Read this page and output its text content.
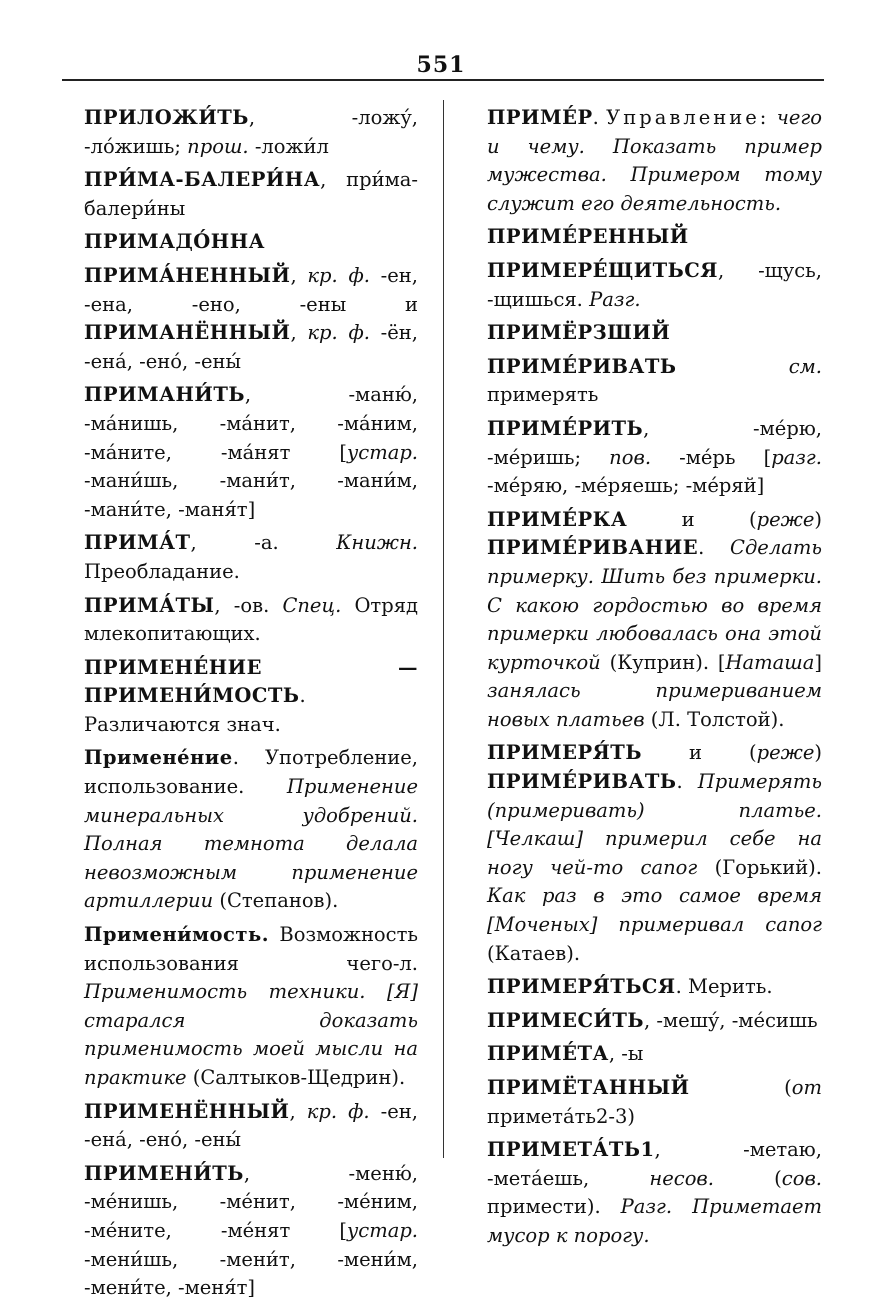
551

ПРИЛОЖИ́ТЬ, -ложу́, -ло́жишь; прош. -ложи́л

ПРИ́МА-БАЛЕРИ́НА, при́ма-балери́ны

ПРИМАДО́ННА

ПРИМА́НЕННЫЙ, кр. ф. -ен, -ена, -ено, -ены и ПРИМАНЁННЫЙ, кр. ф. -ён, -ена́, -ено́, -ены́

ПРИМАНИ́ТЬ, -маню́, -ма́нишь, -ма́нит, -ма́ним, -ма́ните, -ма́нят [устар. -мани́шь, -мани́т, -мани́м, -мани́те, -маня́т]

ПРИМА́Т, -а. Книжн. Преобладание.

ПРИМА́ТЫ, -ов. Спец. Отряд млекопитающих.

ПРИМЕНЕ́НИЕ — ПРИМЕНИ́МОСТЬ. Различаются знач.

Примене́ние. Употребление, использование. Применение минеральных удобрений. Полная темнота делала невозможным применение артиллерии (Степанов).

Примени́мость. Возможность использования чего-л. Применимость техники. [Я] старался доказать применимость моей мысли на практике (Салтыков-Щедрин).

ПРИМЕНЁННЫЙ, кр. ф. -ен, -ена́, -ено́, -ены́

ПРИМЕНИ́ТЬ, -меню́, -ме́нишь, -ме́нит, -ме́ним, -ме́ните, -ме́нят [устар. -мени́шь, -мени́т, -мени́м, -мени́те, -меня́т]

ПРИМЕ́Р. Управление: чего и чему. Показать пример мужества. Примером тому служит его деятельность.

ПРИМЕ́РЕННЫЙ

ПРИМЕРЕ́ЩИТЬСЯ, -щусь, -щишься. Разг.

ПРИМЁРЗШИЙ

ПРИМЕ́РИВАТЬ	см. примерять

ПРИМЕ́РИТЬ, -ме́рю, -ме́ришь; пов. -ме́рь [разг. -ме́ряю, -ме́ряешь; -ме́ряй]

ПРИМЕ́РКА и (реже) ПРИМЕ́РИВАНИЕ. Сделать примерку. Шить без примерки. С какою гордостью во время примерки любовалась она этой курточкой (Куприн). [Наташа] занялась примериванием новых платьев (Л. Толстой).

ПРИМЕРЯ́ТЬ и (реже) ПРИМЕ́РИВАТЬ. Примерять (примеривать) платье. [Челкаш] примерил себе на ногу чей-то сапог (Горький). Как раз в это самое время [Моченых] примеривал сапог (Катаев).

ПРИМЕРЯ́ТЬСЯ. Мерить.

ПРИМЕСИ́ТЬ, -мешу́, -ме́сишь

ПРИМЕ́ТА, -ы

ПРИМЁТАННЫЙ (от примета́ть2-3)

ПРИМЕТА́ТЬ1, -метаю, -мета́ешь, несов. (сов. примести). Разг. Приметает мусор к порогу.
